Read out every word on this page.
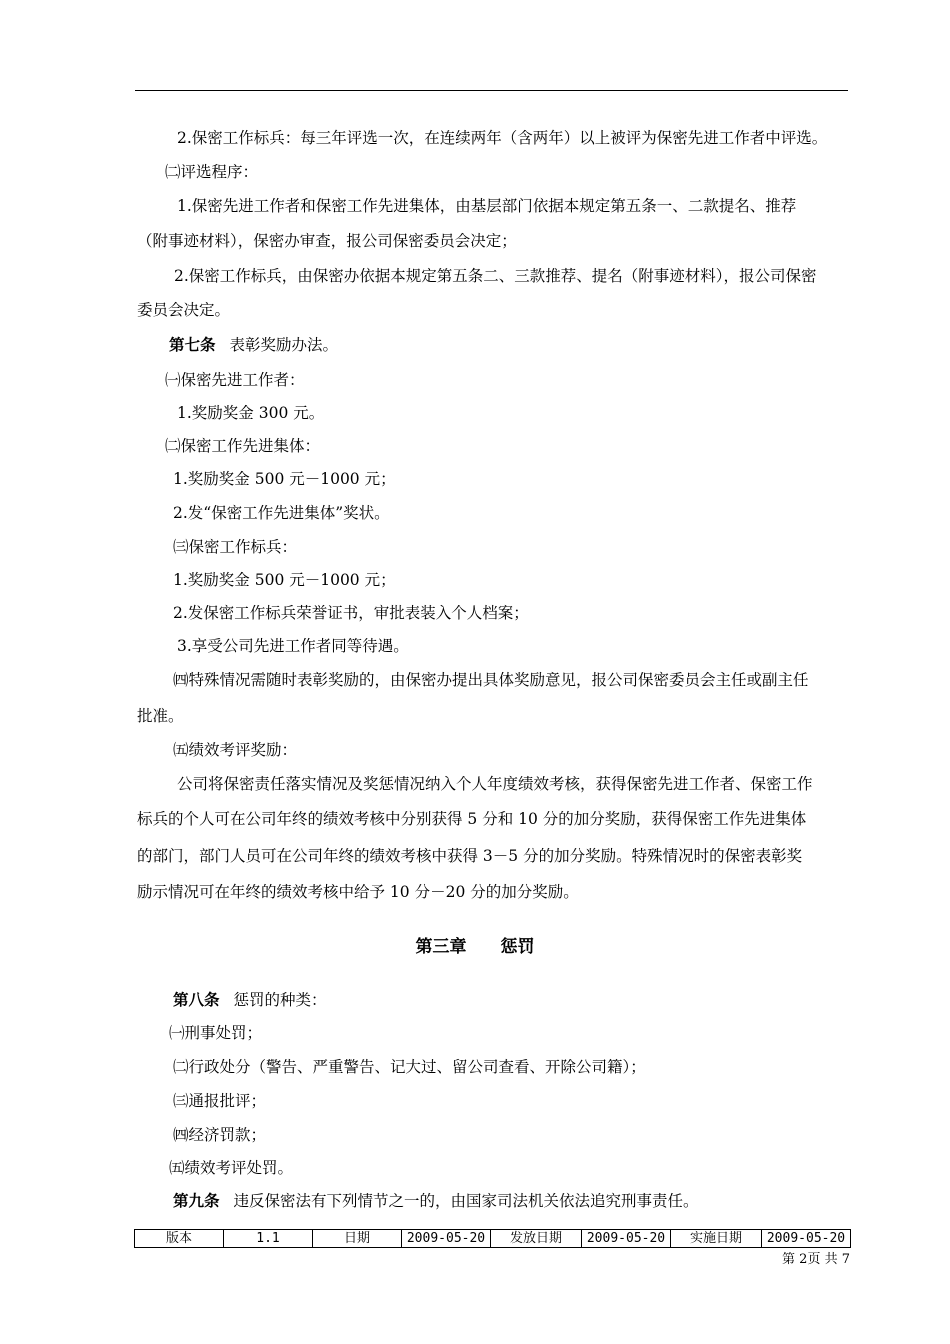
2.保密工作标兵：每三年评选一次，在连续两年（含两年）以上被评为保密先进工作者中评选。
㈡评选程序：
1.保密先进工作者和保密工作先进集体，由基层部门依据本规定第五条一、二款提名、推荐
（附事迹材料），保密办审查，报公司保密委员会决定；
2.保密工作标兵，由保密办依据本规定第五条二、三款推荐、提名（附事迹材料），报公司保密
委员会决定。
第七条 表彰奖励办法。
㈠保密先进工作者：
1.奖励奖金 300 元。
㈡保密工作先进集体：
1.奖励奖金 500 元－1000 元；
2.发“保密工作先进集体”奖状。
㈢保密工作标兵：
1.奖励奖金 500 元－1000 元；
2.发保密工作标兵荣誉证书，审批表装入个人档案；
3.享受公司先进工作者同等待遇。
㈣特殊情况需随时表彰奖励的，由保密办提出具体奖励意见，报公司保密委员会主任或副主任
批准。
㈤绩效考评奖励：
公司将保密责任落实情况及奖惩情况纳入个人年度绩效考核，获得保密先进工作者、保密工作
标兵的个人可在公司年终的绩效考核中分别获得 5 分和 10 分的加分奖励，获得保密工作先进集体
的部门，部门人员可在公司年终的绩效考核中获得 3－5 分的加分奖励。特殊情况时的保密表彰奖
励示情况可在年终的绩效考核中给予 10 分－20 分的加分奖励。
第三章 惩罚
第八条 惩罚的种类：
㈠刑事处罚；
㈡行政处分（警告、严重警告、记大过、留公司查看、开除公司籍）；
㈢通报批评；
㈣经济罚款；
㈤绩效考评处罚。
第九条 违反保密法有下列情节之一的，由国家司法机关依法追究刑事责任。
版本	1.1	日期	2009-05-20	发放日期	2009-05-20	实施日期	2009-05-20
第 2页 共 7
